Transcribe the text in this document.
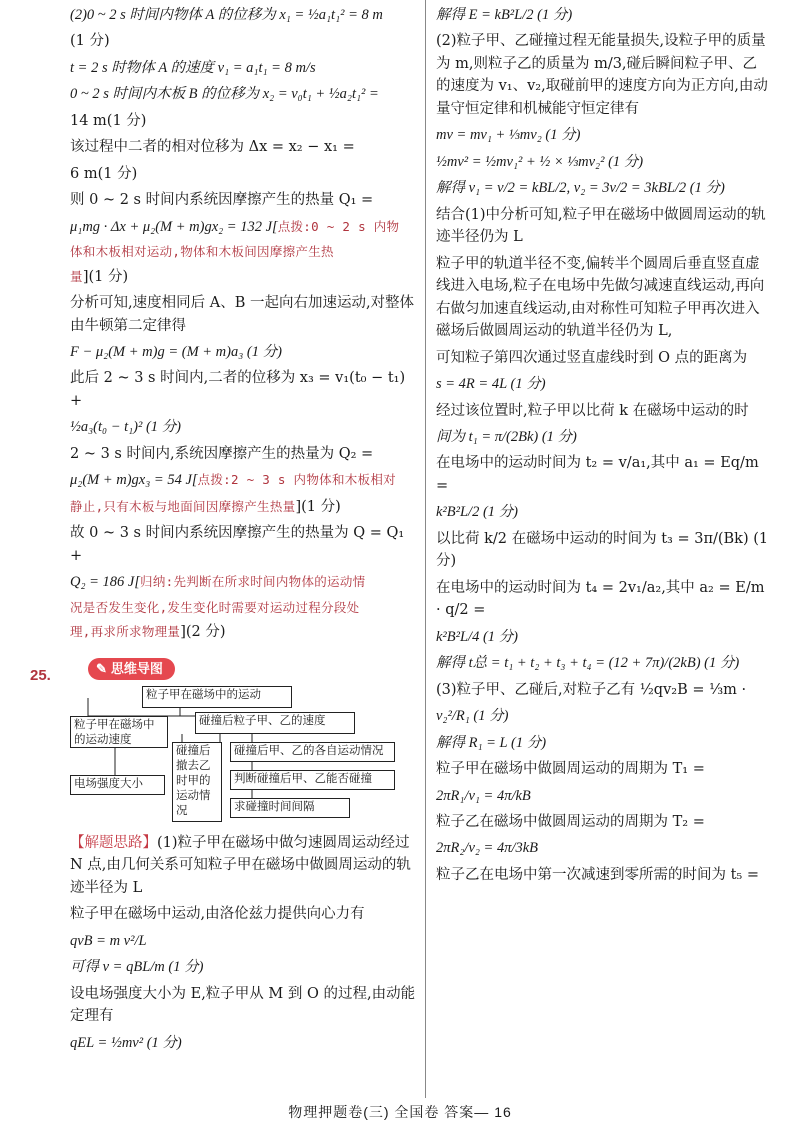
(2)0 ~ 2 s 时间内物体 A 的位移为 x₁ = ½a₁t₁² = 8 m

(1 分)

t = 2 s 时物体 A 的速度 v₁ = a₁t₁ = 8 m/s

0 ~ 2 s 时间内木板 B 的位移为 x₂ = v₀t₁ + ½a₂t₁² =

14 m(1 分)

该过程中二者的相对位移为 Δx = x₂ − x₁ =

6 m(1 分)

则 0 ~ 2 s 时间内系统因摩擦产生的热量 Q₁ =

μ₁mg · Δx + μ₂(M + m)gx₂ = 132 J[点拨:0 ~ 2 s 内物

体和木板相对运动,物体和木板间因摩擦产生热

量](1 分)

分析可知,速度相同后 A、B 一起向右加速运动,对整体由牛顿第二定律得

F − μ₂(M + m)g = (M + m)a₃ (1 分)

此后 2 ~ 3 s 时间内,二者的位移为 x₃ = v₁(t₀ − t₁) +

½a₃(t₀ − t₁)² (1 分)

2 ~ 3 s 时间内,系统因摩擦产生的热量为 Q₂ =

μ₂(M + m)gx₃ = 54 J[点拨:2 ~ 3 s 内物体和木板相对

静止,只有木板与地面间因摩擦产生热量](1 分)

故 0 ~ 3 s 时间内系统因摩擦产生的热量为 Q = Q₁ +

Q₂ = 186 J[归纳:先判断在所求时间内物体的运动情

况是否发生变化,发生变化时需要对运动过程分段处

理,再求所求物理量](2 分)

25.	✎ 思维导图
粒子甲在磁场中的运动
粒子甲在磁场中的运动速度
碰撞后粒子甲、乙的速度
电场强度大小
碰撞后撤去乙时甲的运动情况
碰撞后甲、乙的各自运动情况
判断碰撞后甲、乙能否碰撞
求碰撞时间间隔

【解题思路】(1)粒子甲在磁场中做匀速圆周运动经过 N 点,由几何关系可知粒子甲在磁场中做圆周运动的轨迹半径为 L

粒子甲在磁场中运动,由洛伦兹力提供向心力有

qvB = m v²/L

可得 v = qBL/m (1 分)

设电场强度大小为 E,粒子甲从 M 到 O 的过程,由动能定理有

qEL = ½mv² (1 分)

解得 E = kB²L/2 (1 分)

(2)粒子甲、乙碰撞过程无能量损失,设粒子甲的质量为 m,则粒子乙的质量为 m/3,碰后瞬间粒子甲、乙的速度为 v₁、v₂,取碰前甲的速度方向为正方向,由动量守恒定律和机械能守恒定律有

mv = mv₁ + ⅓mv₂ (1 分)

½mv² = ½mv₁² + ½ × ⅓mv₂² (1 分)

解得 v₁ = v/2 = kBL/2, v₂ = 3v/2 = 3kBL/2 (1 分)

结合(1)中分析可知,粒子甲在磁场中做圆周运动的轨迹半径仍为 L

粒子甲的轨道半径不变,偏转半个圆周后垂直竖直虚线进入电场,粒子在电场中先做匀减速直线运动,再向右做匀加速直线运动,由对称性可知粒子甲再次进入磁场后做圆周运动的轨道半径仍为 L,

可知粒子第四次通过竖直虚线时到 O 点的距离为

s = 4R = 4L (1 分)

经过该位置时,粒子甲以比荷 k 在磁场中运动的时

间为 t₁ = π/(2Bk) (1 分)

在电场中的运动时间为 t₂ = v/a₁,其中 a₁ = Eq/m =

k²B²L/2 (1 分)

以比荷 k/2 在磁场中运动的时间为 t₃ = 3π/(Bk) (1 分)

在电场中的运动时间为 t₄ = 2v₁/a₂,其中 a₂ = E/m · q/2 =

k²B²L/4 (1 分)

解得 t总 = t₁ + t₂ + t₃ + t₄ = (12 + 7π)/(2kB) (1 分)

(3)粒子甲、乙碰后,对粒子乙有 ½qv₂B = ⅓m ·

v₂²/R₁ (1 分)

解得 R₁ = L (1 分)

粒子甲在磁场中做圆周运动的周期为 T₁ =

2πR₁/v₁ = 4π/kB

粒子乙在磁场中做圆周运动的周期为 T₂ =

2πR₂/v₂ = 4π/3kB

粒子乙在电场中第一次减速到零所需的时间为 t₅ =

物理押题卷(三) 全国卷 答案— 16
